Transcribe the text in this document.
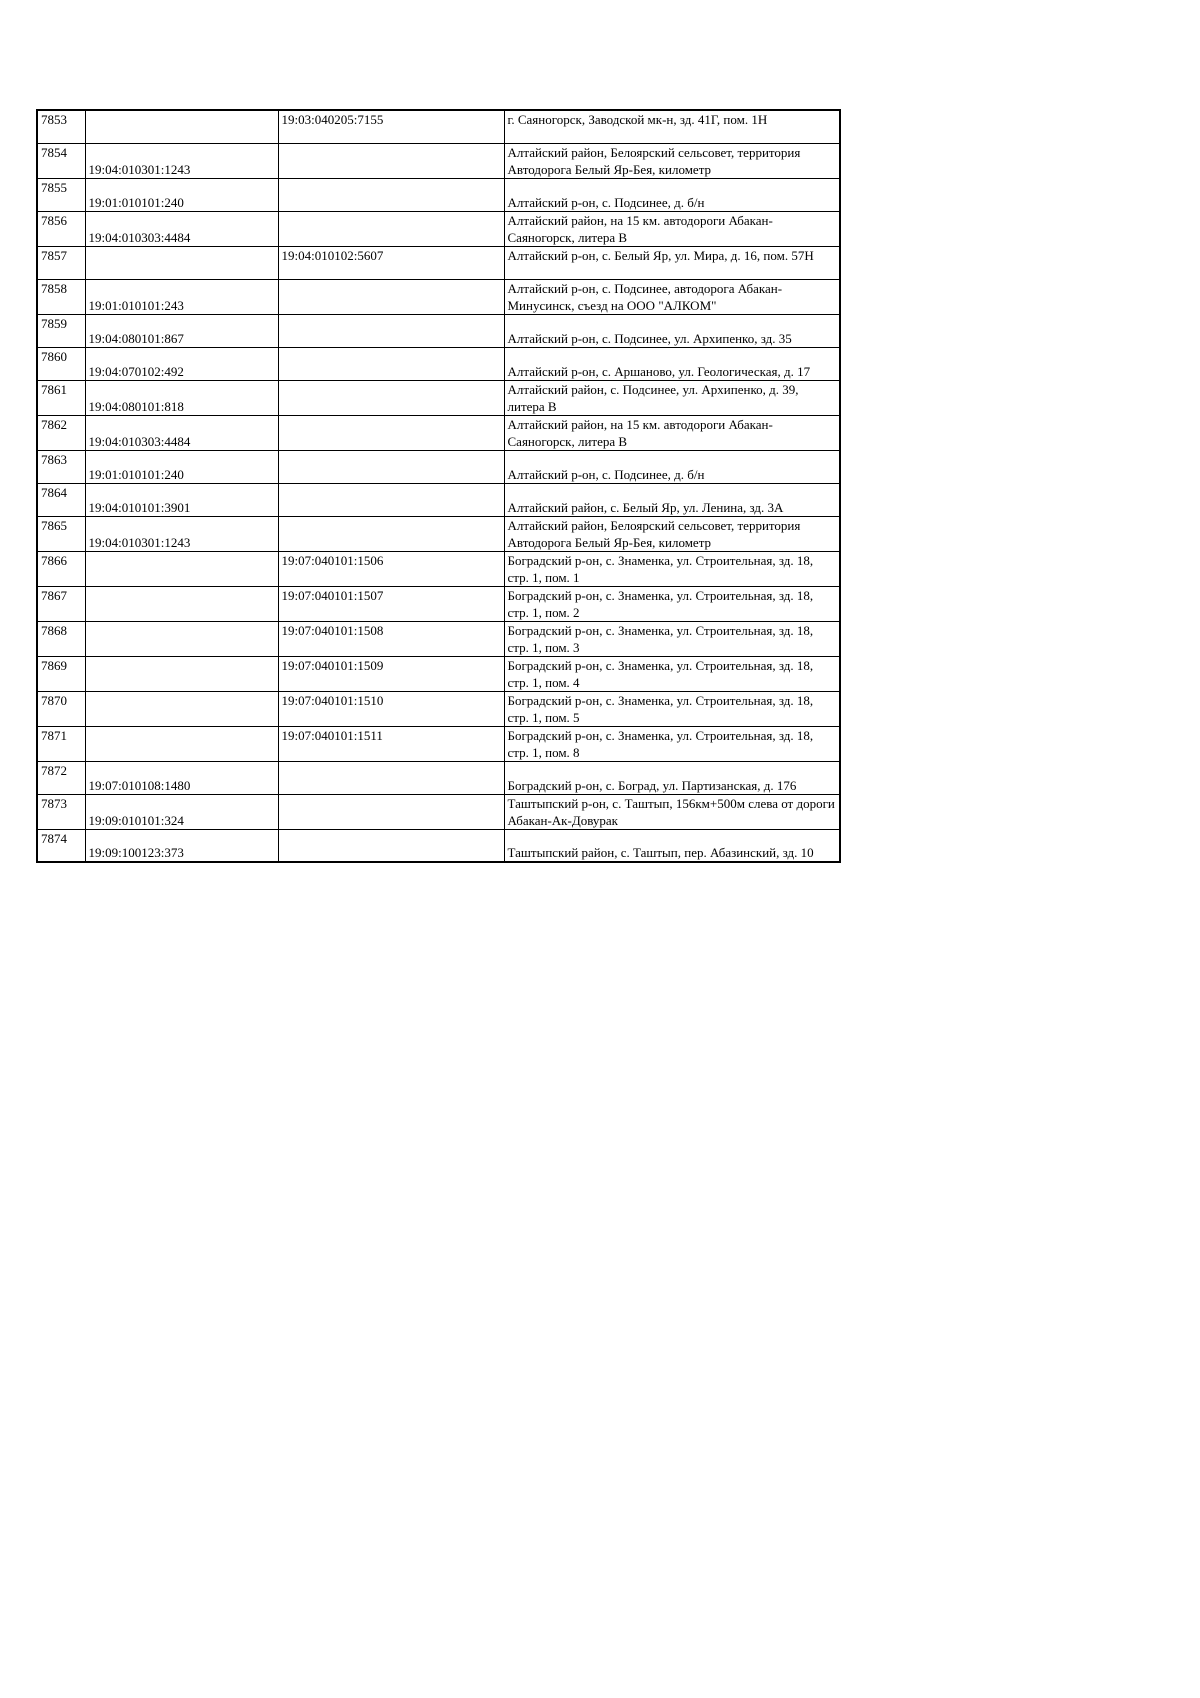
7853		19:03:040205:7155	г. Саяногорск, Заводской мк-н, зд. 41Г, пом. 1Н
7854	19:04:010301:1243		Алтайский район, Белоярский сельсовет, территория Автодорога Белый Яр-Бея, километр
7855	19:01:010101:240		Алтайский р-он, с. Подсинее, д. б/н
7856	19:04:010303:4484		Алтайский район, на 15 км. автодороги Абакан-Саяногорск, литера В
7857		19:04:010102:5607	Алтайский р-он, с. Белый Яр, ул. Мира, д. 16, пом. 57Н
7858	19:01:010101:243		Алтайский р-он, с. Подсинее, автодорога Абакан-Минусинск, съезд на ООО "АЛКОМ"
7859	19:04:080101:867		Алтайский р-он, с. Подсинее, ул. Архипенко, зд. 35
7860	19:04:070102:492		Алтайский р-он, с. Аршаново, ул. Геологическая, д. 17
7861	19:04:080101:818		Алтайский район, с. Подсинее, ул. Архипенко, д. 39, литера В
7862	19:04:010303:4484		Алтайский район, на 15 км. автодороги Абакан-Саяногорск, литера В
7863	19:01:010101:240		Алтайский р-он, с. Подсинее, д. б/н
7864	19:04:010101:3901		Алтайский район, с. Белый Яр, ул. Ленина, зд. 3А
7865	19:04:010301:1243		Алтайский район, Белоярский сельсовет, территория Автодорога Белый Яр-Бея, километр
7866		19:07:040101:1506	Боградский р-он, с. Знаменка, ул. Строительная, зд. 18, стр. 1, пом. 1
7867		19:07:040101:1507	Боградский р-он, с. Знаменка, ул. Строительная, зд. 18, стр. 1, пом. 2
7868		19:07:040101:1508	Боградский р-он, с. Знаменка, ул. Строительная, зд. 18, стр. 1, пом. 3
7869		19:07:040101:1509	Боградский р-он, с. Знаменка, ул. Строительная, зд. 18, стр. 1, пом. 4
7870		19:07:040101:1510	Боградский р-он, с. Знаменка, ул. Строительная, зд. 18, стр. 1, пом. 5
7871		19:07:040101:1511	Боградский р-он, с. Знаменка, ул. Строительная, зд. 18, стр. 1, пом. 8
7872	19:07:010108:1480		Боградский р-он, с. Боград, ул. Партизанская, д. 176
7873	19:09:010101:324		Таштыпский р-он, с. Таштып, 156км+500м слева от дороги Абакан-Ак-Довурак
7874	19:09:100123:373		Таштыпский район, с. Таштып, пер. Абазинский, зд. 10
